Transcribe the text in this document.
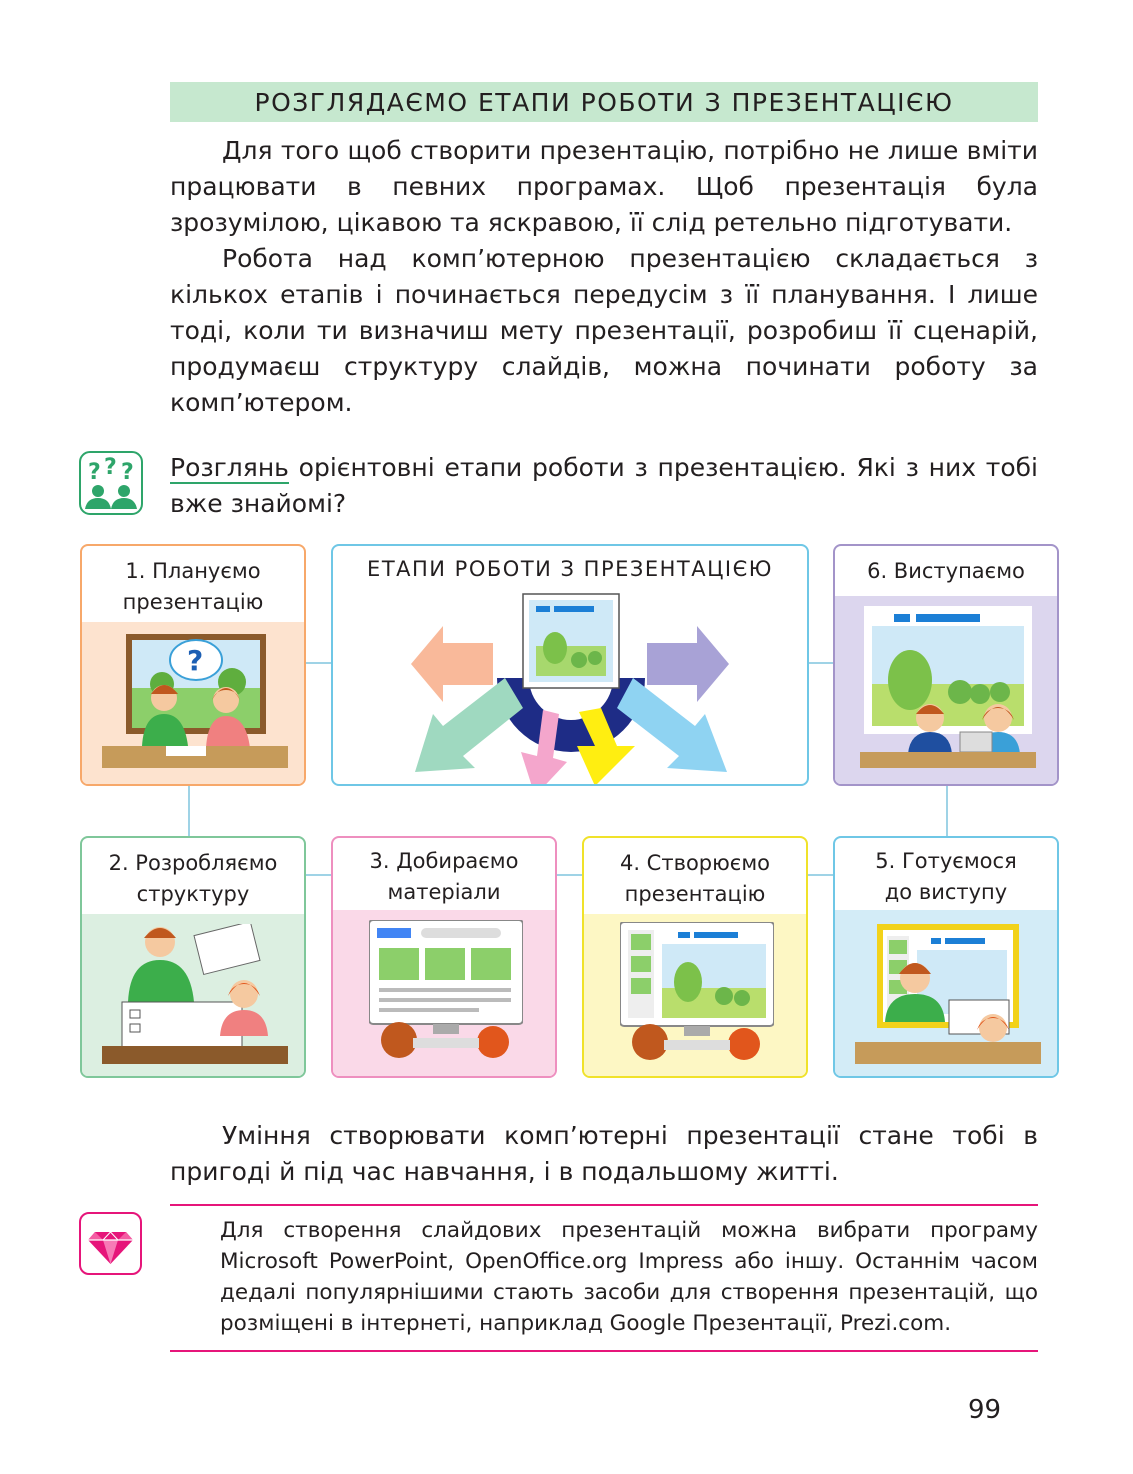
РОЗГЛЯДАЄМО ЕТАПИ РОБОТИ З ПРЕЗЕНТАЦІЄЮ

Для того щоб створити презентацію, потрібно не лише вміти працювати в певних програмах. Щоб презентація була зрозумілою, цікавою та яскравою, її слід ретельно підготувати.

Робота над комп’ютерною презентацією складається з кількох етапів і починається передусім з її планування. І лише тоді, коли ти визначиш мету презентації, розробиш її сценарій, продумаєш структуру слайдів, можна починати роботу за комп’ютером.

? ? ? Розглянь орієнтовні етапи роботи з презентацією. Які з них тобі вже знайомі?

1. Плануємо
презентацію
?
ЕТАПИ РОБОТИ З ПРЕЗЕНТАЦІЄЮ	6. Виступаємо
2. Розробляємо
структуру
3. Добираємо
матеріали
4. Створюємо
презентацію
5. Готуємося
до виступу

Уміння створювати комп’ютерні презентації стане тобі в пригоді й під час навчання, і в подальшому житті.

Для створення слайдових презентацій можна вибрати програму Microsoft PowerPoint, OpenOffice.org Impress або іншу. Останнім часом дедалі популярнішими стають засоби для створення презентацій, що розміщені в інтернеті, наприклад Google Презентації, Prezi.com.

99
